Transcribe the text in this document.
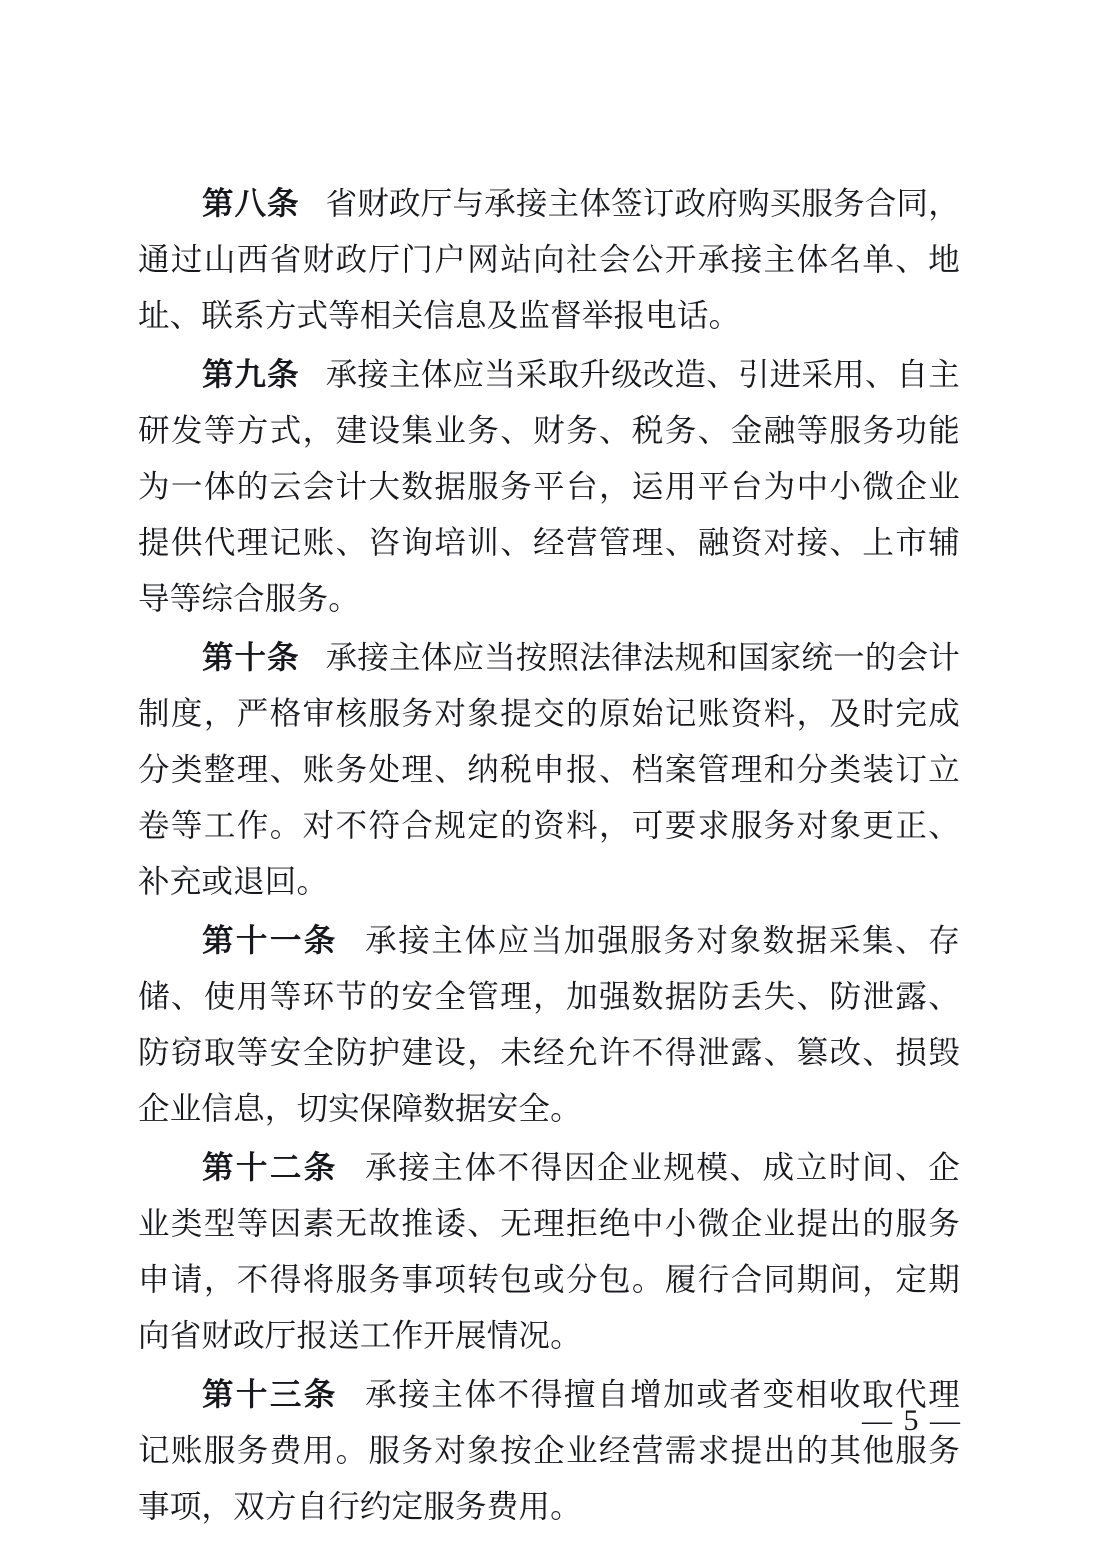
第八条 省财政厅与承接主体签订政府购买服务合同，通过山西省财政厅门户网站向社会公开承接主体名单、地址、联系方式等相关信息及监督举报电话。

第九条 承接主体应当采取升级改造、引进采用、自主研发等方式，建设集业务、财务、税务、金融等服务功能为一体的云会计大数据服务平台，运用平台为中小微企业提供代理记账、咨询培训、经营管理、融资对接、上市辅导等综合服务。

第十条 承接主体应当按照法律法规和国家统一的会计制度，严格审核服务对象提交的原始记账资料，及时完成分类整理、账务处理、纳税申报、档案管理和分类装订立卷等工作。对不符合规定的资料，可要求服务对象更正、补充或退回。

第十一条 承接主体应当加强服务对象数据采集、存储、使用等环节的安全管理，加强数据防丢失、防泄露、防窃取等安全防护建设，未经允许不得泄露、篡改、损毁企业信息，切实保障数据安全。

第十二条 承接主体不得因企业规模、成立时间、企业类型等因素无故推诿、无理拒绝中小微企业提出的服务申请，不得将服务事项转包或分包。履行合同期间，定期向省财政厅报送工作开展情况。

第十三条 承接主体不得擅自增加或者变相收取代理记账服务费用。服务对象按企业经营需求提出的其他服务事项，双方自行约定服务费用。

— 5 —
